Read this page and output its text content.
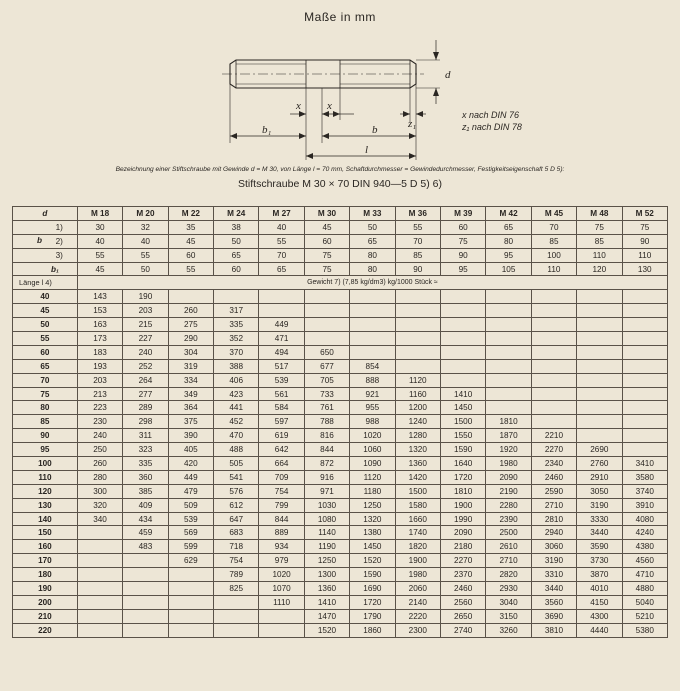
Maße in mm
x x
b₁	b	z₁
l
d
x nach DIN 76
z₁ nach DIN 78
Bezeichnung einer Stiftschraube mit Gewinde d = M 30, von Länge l = 70 mm, Schaftdurchmesser = Gewindedurchmesser, Festigkeitseigenschaft 5 D 5):
Stiftschraube M 30 × 70 DIN 940—5 D 5) 6)
d	M 18	M 20	M 22	M 24	M 27	M 30	M 33	M 36	M 39	M 42	M 45	M 48	M 52
1)	30	32	35	38	40	45	50	55	60	65	70	75	75

b 2)	40	40	45	50	55	60	65	70	75	80	85	85	90
3)	55	55	60	65	70	75	80	85	90	95	100	110	110
b₁	45	50	55	60	65	75	80	90	95	105	110	120	130
Länge l 4)	Gewicht 7) (7,85 kg/dm3) kg/1000 Stück ≈												
40	143	190											
45	153	203	260	317									
50	163	215	275	335	449								
55	173	227	290	352	471								
60	183	240	304	370	494	650							
65	193	252	319	388	517	677	854						
70	203	264	334	406	539	705	888	1120					
75	213	277	349	423	561	733	921	1160	1410				
80	223	289	364	441	584	761	955	1200	1450				
85	230	298	375	452	597	788	988	1240	1500	1810			
90	240	311	390	470	619	816	1020	1280	1550	1870	2210		
95	250	323	405	488	642	844	1060	1320	1590	1920	2270	2690	
100	260	335	420	505	664	872	1090	1360	1640	1980	2340	2760	3410
110	280	360	449	541	709	916	1120	1420	1720	2090	2460	2910	3580
120	300	385	479	576	754	971	1180	1500	1810	2190	2590	3050	3740
130	320	409	509	612	799	1030	1250	1580	1900	2280	2710	3190	3910
140	340	434	539	647	844	1080	1320	1660	1990	2390	2810	3330	4080
150		459	569	683	889	1140	1380	1740	2090	2500	2940	3440	4240
160		483	599	718	934	1190	1450	1820	2180	2610	3060	3590	4380
170			629	754	979	1250	1520	1900	2270	2710	3190	3730	4560
180				789	1020	1300	1590	1980	2370	2820	3310	3870	4710
190				825	1070	1360	1690	2060	2460	2930	3440	4010	4880
200					1110	1410	1720	2140	2560	3040	3560	4150	5040
210						1470	1790	2220	2650	3150	3690	4300	5210
220						1520	1860	2300	2740	3260	3810	4440	5380
